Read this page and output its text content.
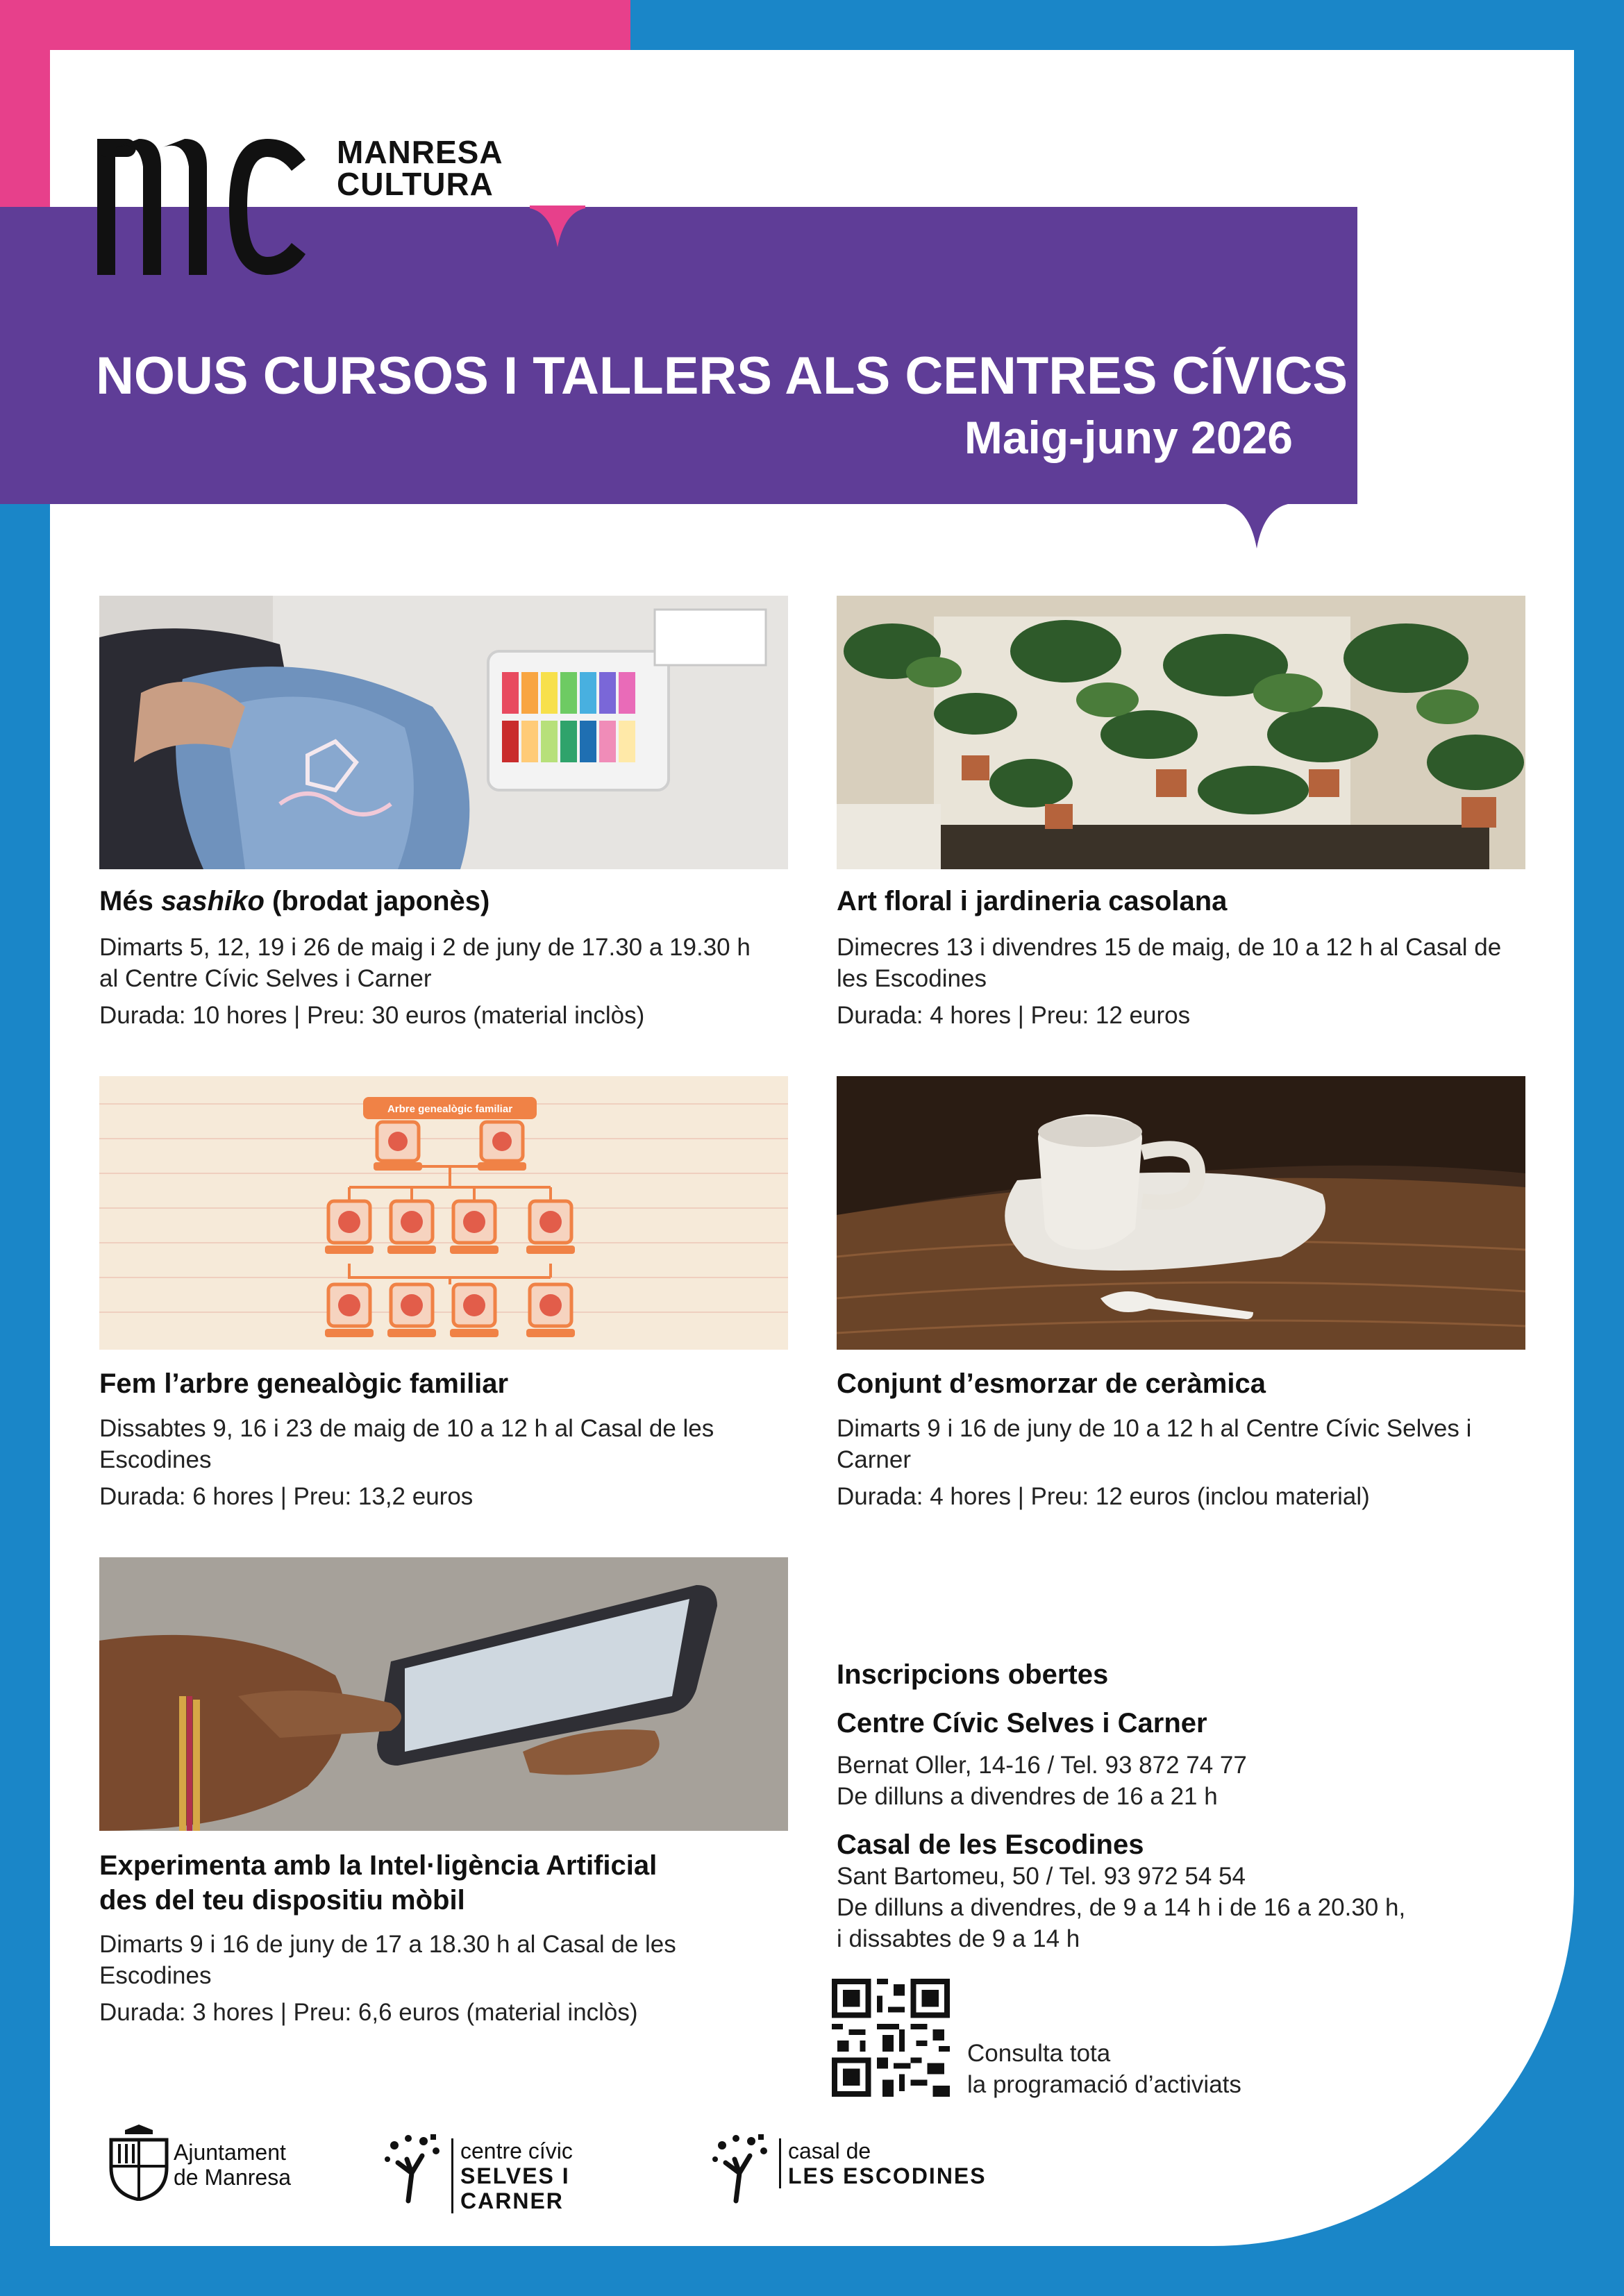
MANRESA
CULTURA
NOUS CURSOS I TALLERS ALS CENTRES CÍVICS
Maig-juny 2026
Més sashiko (brodat japonès)
Dimarts 5, 12, 19 i 26 de maig i 2 de juny de 17.30 a 19.30 h al Centre Cívic Selves i Carner
Durada: 10 hores | Preu: 30 euros (material inclòs)
Art floral i jardineria casolana
Dimecres 13 i divendres 15 de maig, de 10 a 12 h al Casal de les Escodines
Durada: 4 hores | Preu: 12 euros
Arbre genealògic familiar
Fem l’arbre genealògic familiar
Dissabtes 9, 16 i 23 de maig de 10 a 12 h al Casal de les Escodines
Durada: 6 hores | Preu: 13,2 euros
Conjunt d’esmorzar de ceràmica
Dimarts 9 i 16 de juny de 10 a 12 h al Centre Cívic Selves i Carner
Durada: 4 hores | Preu: 12 euros (inclou material)
Experimenta amb la Intel·ligència Artificial
des del teu dispositiu mòbil
Dimarts 9 i 16 de juny de 17 a 18.30 h al Casal de les Escodines
Durada: 3 hores | Preu: 6,6 euros (material inclòs)
Inscripcions obertes
Centre Cívic Selves i Carner
Bernat Oller, 14-16 / Tel. 93 872 74 77
De dilluns a divendres de 16 a 21 h
Casal de les Escodines
Sant Bartomeu, 50 / Tel. 93 972 54 54
De dilluns a divendres, de 9 a 14 h i de 16 a 20.30 h,
i dissabtes de 9 a 14 h
Consulta tota
la programació d’activiats
Ajuntament
de Manresa
centre cívic
SELVES I CARNER
casal de
LES ESCODINES
